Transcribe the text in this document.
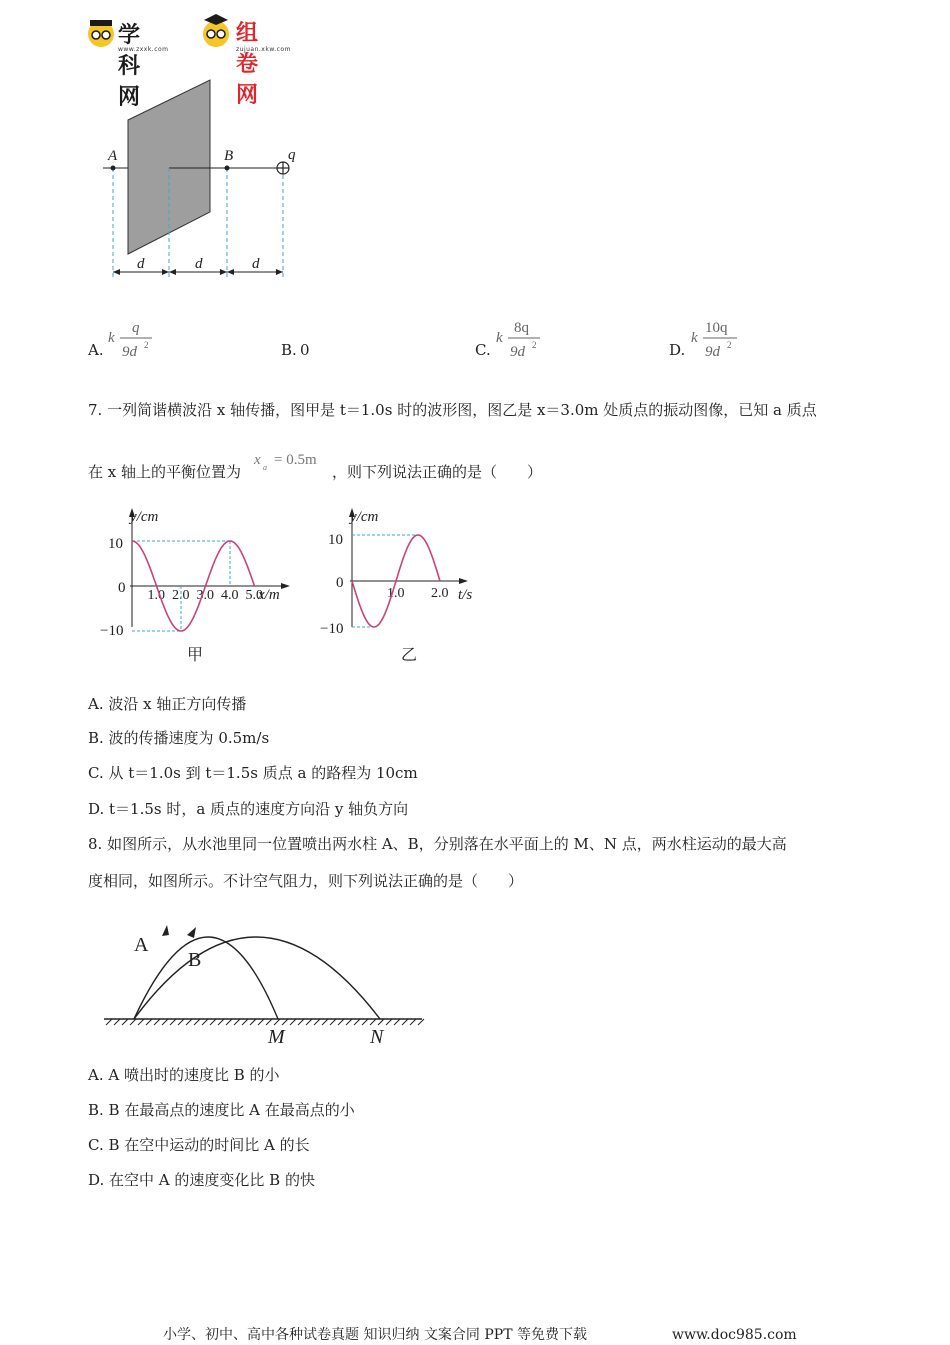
学科网
www.zxxk.com
组卷网
zujuan.xkw.com
A	B	q
d	d	d
A.
k
q
9d 2	B. 0	C.
k
8q
9d 2	D.
k
10q
9d 2
7. 一列简谐横波沿 x 轴传播，图甲是 t＝1.0s 时的波形图，图乙是 x＝3.0m 处质点的振动图像，已知 a 质点
在 x 轴上的平衡位置为
x a = 0.5m
，则下列说法正确的是（　　）
y/cm
x/m
10
0
−10
1.0 2.0 3.0 4.0 5.0
甲
y/cm
t/s
10
0
−10
1.0 2.0
乙
A. 波沿 x 轴正方向传播
B. 波的传播速度为 0.5m/s
C. 从 t＝1.0s 到 t＝1.5s 质点 a 的路程为 10cm
D. t＝1.5s 时，a 质点的速度方向沿 y 轴负方向
8. 如图所示，从水池里同一位置喷出两水柱 A、B，分别落在水平面上的 M、N 点，两水柱运动的最大高
度相同，如图所示。不计空气阻力，则下列说法正确的是（　　）
A
B
M	N
A. A 喷出时的速度比 B 的小
B. B 在最高点的速度比 A 在最高点的小
C. B 在空中运动的时间比 A 的长
D. 在空中 A 的速度变化比 B 的快
小学、初中、高中各种试卷真题 知识归纳 文案合同 PPT 等免费下载	www.doc985.com
